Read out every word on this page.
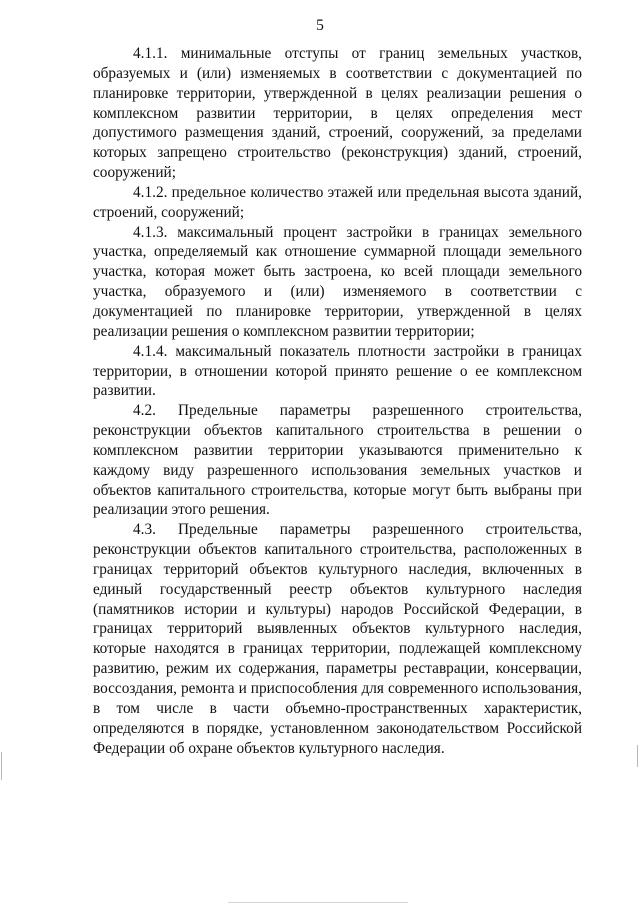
5

4.1.1. минимальные отступы от границ земельных участков, образуемых и (или) изменяемых в соответствии с документацией по планировке территории, утвержденной в целях реализации решения о комплексном развитии территории, в целях определения мест допустимого размещения зданий, строений, сооружений, за пределами которых запрещено строительство (реконструкция) зданий, строений, сооружений;

4.1.2. предельное количество этажей или предельная высота зданий, строений, сооружений;

4.1.3. максимальный процент застройки в границах земельного участка, определяемый как отношение суммарной площади земельного участка, которая может быть застроена, ко всей площади земельного участка, образуемого и (или) изменяемого в соответствии с документацией по планировке территории, утвержденной в целях реализации решения о комплексном развитии территории;

4.1.4. максимальный показатель плотности застройки в границах территории, в отношении которой принято решение о ее комплексном развитии.

4.2. Предельные параметры разрешенного строительства, реконструкции объектов капитального строительства в решении о комплексном развитии территории указываются применительно к каждому виду разрешенного использования земельных участков и объектов капитального строительства, которые могут быть выбраны при реализации этого решения.

4.3. Предельные параметры разрешенного строительства, реконструкции объектов капитального строительства, расположенных в границах территорий объектов культурного наследия, включенных в единый государственный реестр объектов культурного наследия (памятников истории и культуры) народов Российской Федерации, в границах территорий выявленных объектов культурного наследия, которые находятся в границах территории, подлежащей комплексному развитию, режим их содержания, параметры реставрации, консервации, воссоздания, ремонта и приспособления для современного использования, в том числе в части объемно-пространственных характеристик, определяются в порядке, установленном законодательством Российской Федерации об охране объектов культурного наследия.
